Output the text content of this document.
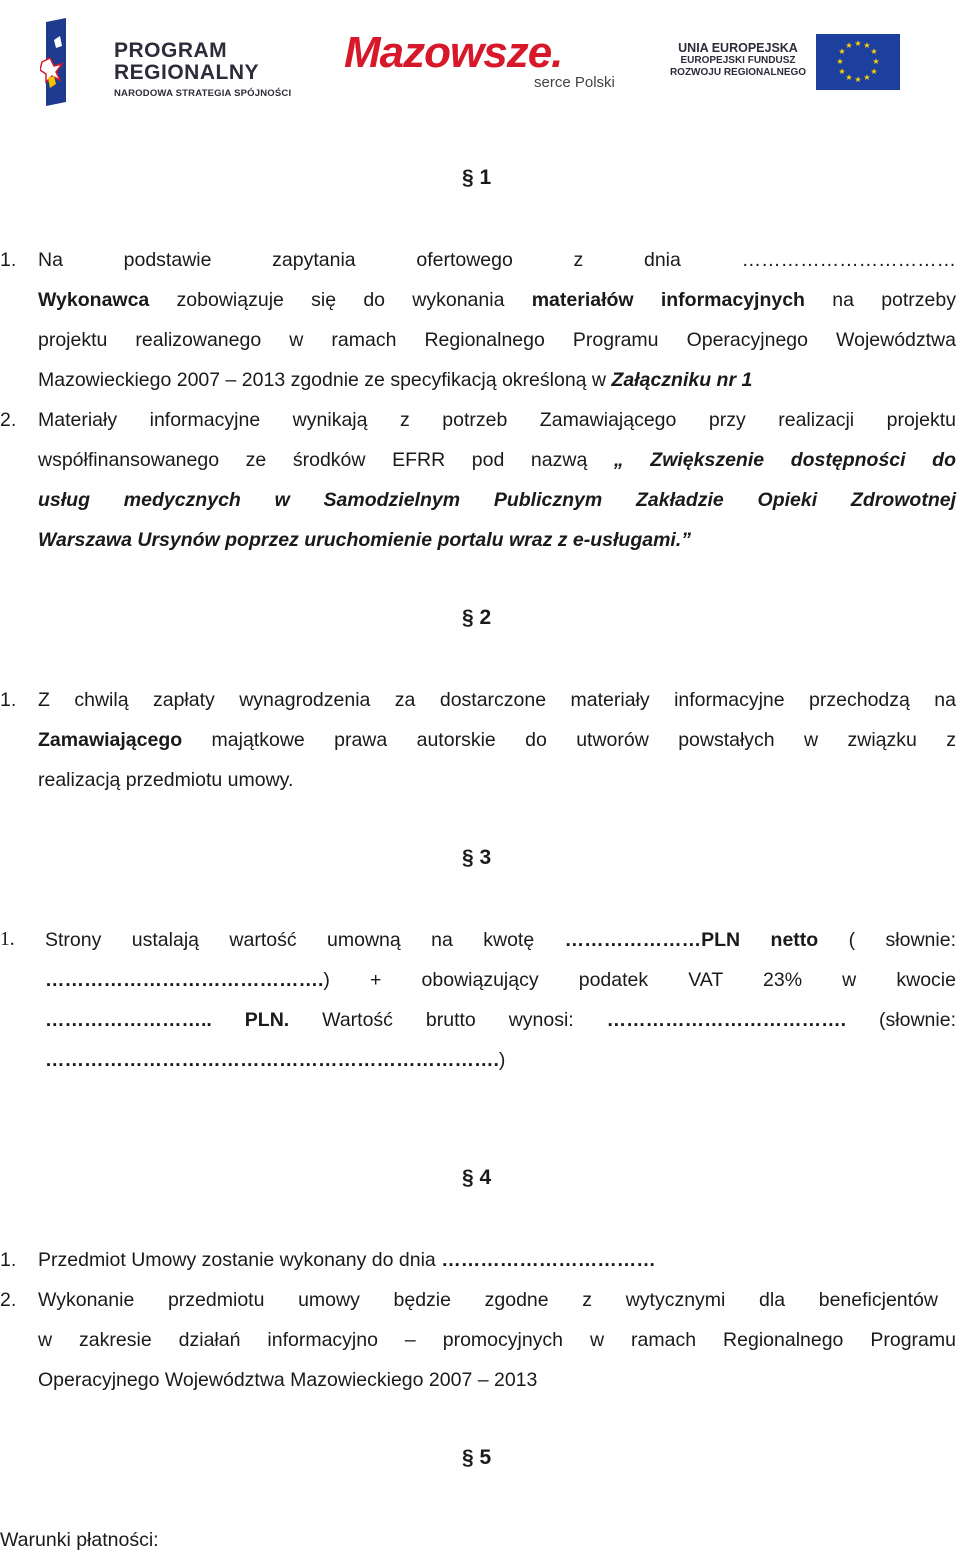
PROGRAM
REGIONALNY
NARODOWA STRATEGIA SPÓJNOŚCI
Mazowsze.
serce Polski
UNIA EUROPEJSKA
EUROPEJSKI FUNDUSZ
ROZWOJU REGIONALNEGO
★ ★
★
★
★
★
★
★
★
★
★
★
§ 1
1. Na	podstawie	zapytania	ofertowego	z	dnia	……………………………
Wykonawca zobowiązuje się do wykonania materiałów informacyjnych na potrzeby
projektu realizowanego w ramach Regionalnego Programu Operacyjnego Województwa
Mazowieckiego 2007 – 2013 zgodnie ze specyfikacją określoną w Załączniku nr 1
2. Materiały informacyjne wynikają z potrzeb Zamawiającego przy realizacji projektu
współfinansowanego ze środków EFRR pod nazwą „ Zwiększenie dostępności do
usług medycznych w Samodzielnym Publicznym Zakładzie Opieki Zdrowotnej
Warszawa Ursynów poprzez uruchomienie portalu wraz z e-usługami.”
§ 2
1. Z chwilą zapłaty wynagrodzenia za dostarczone materiały informacyjne przechodzą na
Zamawiającego majątkowe prawa autorskie do utworów powstałych w związku z
realizacją przedmiotu umowy.
§ 3
1. Strony ustalają wartość umowną na kwotę …………………PLN netto ( słownie:
…………………………………….) + obowiązujący podatek VAT 23% w kwocie
…………………….. PLN. Wartość brutto wynosi: ………………………………. (słownie:
…………………………………………………………….)
§ 4
1. Przedmiot Umowy zostanie wykonany do dnia ……………………………
2. Wykonanie przedmiotu umowy będzie zgodne z wytycznymi dla beneficjentów
w zakresie działań informacyjno – promocyjnych w ramach Regionalnego Programu
Operacyjnego Województwa Mazowieckiego 2007 – 2013
§ 5
Warunki płatności:
